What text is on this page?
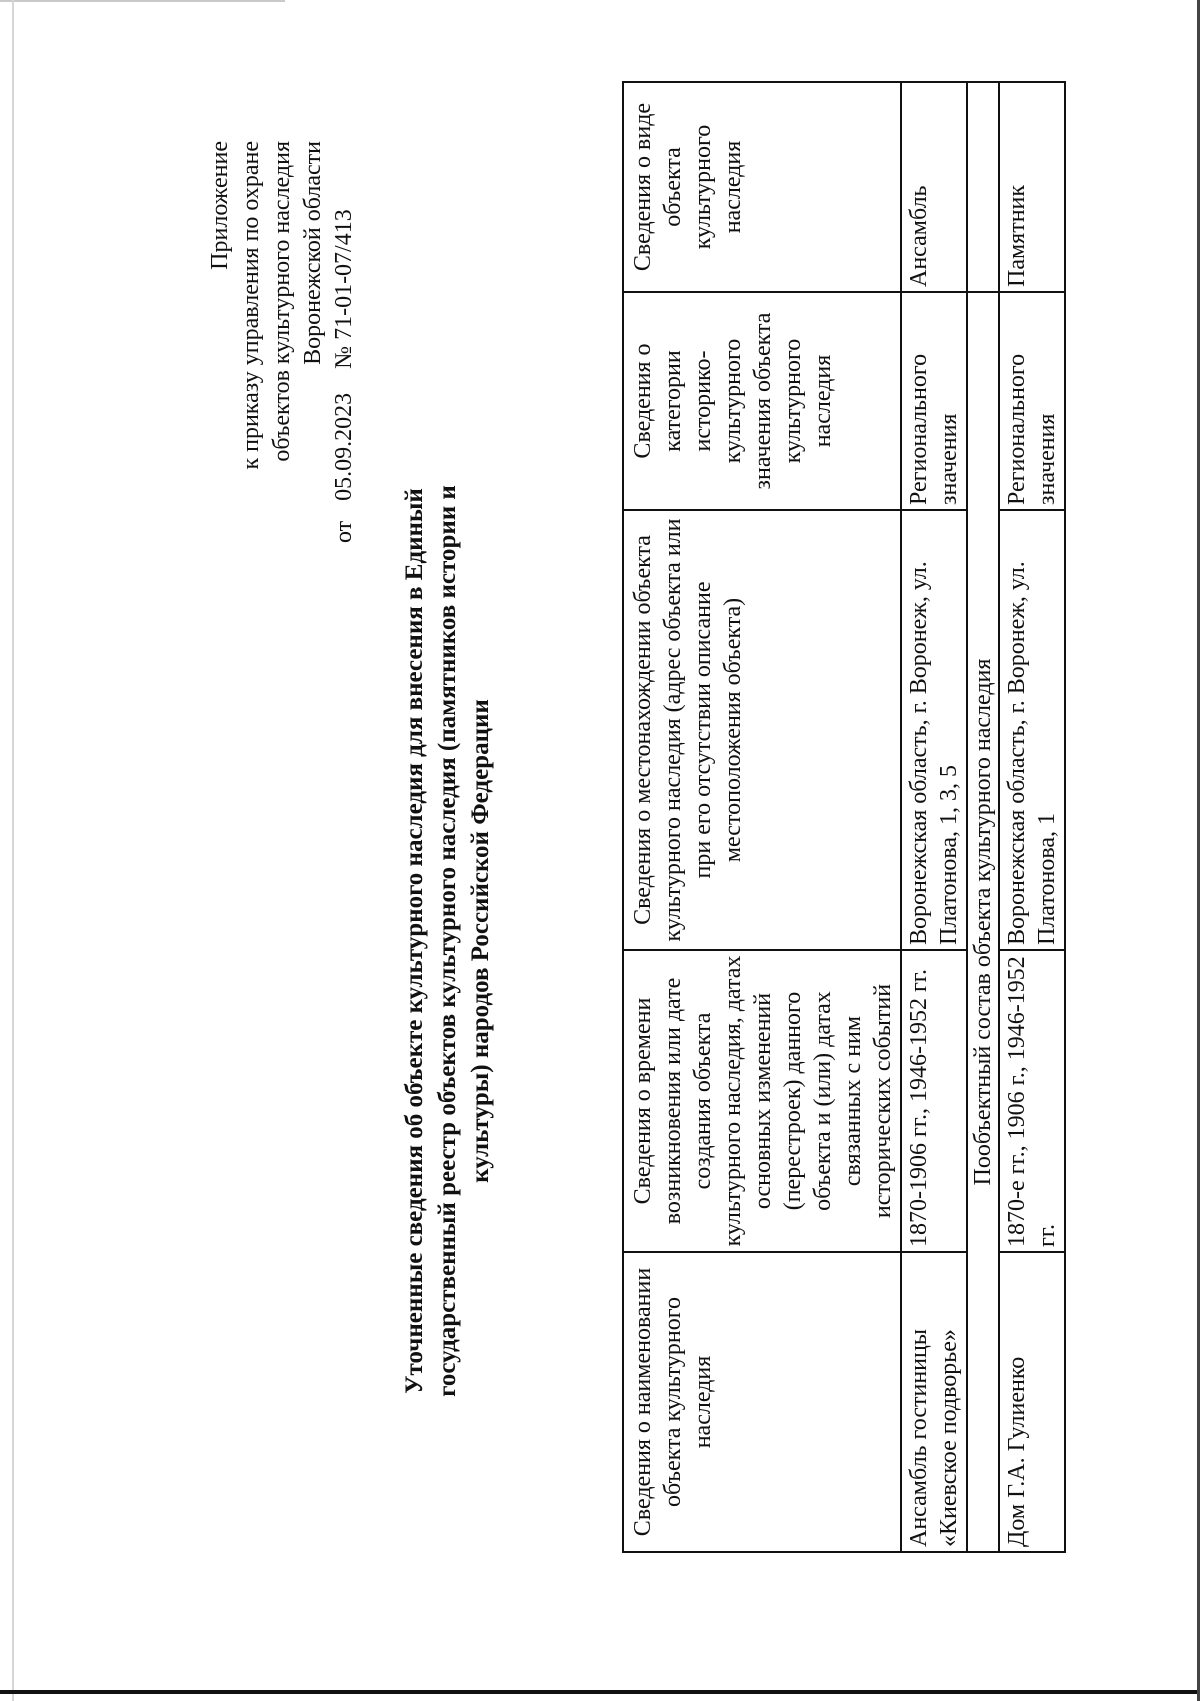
Приложение к приказу управления по охране объектов культурного наследия Воронежской области
от 05.09.2023 № 71-01-07/413
Уточненные сведения об объекте культурного наследия для внесения в Единый государственный реестр объектов культурного наследия (памятников истории и культуры) народов Российской Федерации
Сведения о наименовании объекта культурного наследия	Сведения о времени возникновения или дате создания объекта культурного наследия, датах основных изменений (перестроек) данного объекта и (или) датах связанных с ним исторических событий	Сведения о местонахождении объекта культурного наследия (адрес объекта или при его отсутствии описание местоположения объекта)	Сведения о категории историко-культурного значения объекта культурного наследия	Сведения о виде объекта культурного наследия
Ансамбль гостиницы «Киевское подворье»	1870-1906 гг., 1946-1952 гг.	Воронежская область, г. Воронеж, ул. Платонова, 1, 3, 5	Регионального значения	Ансамбль
Пообъектный состав объекта культурного наследия				
Дом Г.А. Гулиенко	1870-е гг., 1906 г., 1946-1952 гг.	Воронежская область, г. Воронеж, ул. Платонова, 1	Регионального значения	Памятник
